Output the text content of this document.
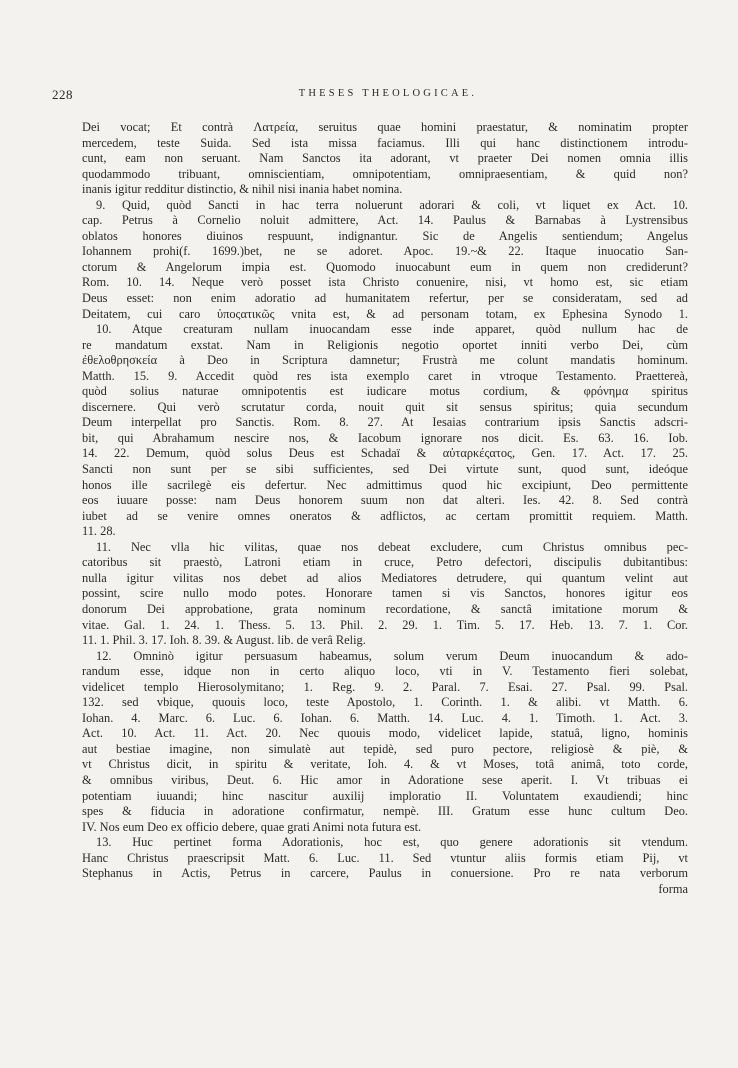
228	THESES THEOLOGICAE.
Dei vocat; Et contrà Λατρεία, seruitus quae homini praestatur, & nominatim propter
mercedem, teste Suida. Sed ista missa faciamus. Illi qui hanc distinctionem introdu-
cunt, eam non seruant. Nam Sanctos ita adorant, vt praeter Dei nomen omnia illis
quodammodo tribuant, omniscientiam, omnipotentiam, omnipraesentiam, & quid non?
inanis igitur redditur distinctio, & nihil nisi inania habet nomina.
9. Quid, quòd Sancti in hac terra noluerunt adorari & coli, vt liquet ex Act. 10.
cap. Petrus à Cornelio noluit admittere, Act. 14. Paulus & Barnabas à Lystrensibus
oblatos honores diuinos respuunt, indignantur. Sic de Angelis sentiendum; Angelus
Iohannem prohi(f. 1699.)bet, ne se adoret. Apoc. 19.~& 22. Itaque inuocatio San-
ctorum & Angelorum impia est. Quomodo inuocabunt eum in quem non crediderunt?
Rom. 10. 14. Neque verò posset ista Christo conuenire, nisi, vt homo est, sic etiam
Deus esset: non enim adoratio ad humanitatem refertur, per se consideratam, sed ad
Deitatem, cui caro ὑποςατικῶς vnita est, & ad personam totam, ex Ephesina Synodo 1.
10. Atque creaturam nullam inuocandam esse inde apparet, quòd nullum hac de
re mandatum exstat. Nam in Religionis negotio oportet inniti verbo Dei, cùm
ἐθελοθρησκεία à Deo in Scriptura damnetur; Frustrà me colunt mandatis hominum.
Matth. 15. 9. Accedit quòd res ista exemplo caret in vtroque Testamento. Praettereà,
quòd solius naturae omnipotentis est iudicare motus cordium, & φρόνημα spiritus
discernere. Qui verò scrutatur corda, nouit quit sit sensus spiritus; quia secundum
Deum interpellat pro Sanctis. Rom. 8. 27. At Iesaias contrarium ipsis Sanctis adscri-
bit, qui Abrahamum nescire nos, & Iacobum ignorare nos dicit. Es. 63. 16. Iob.
14. 22. Demum, quòd solus Deus est Schadaï & αὐταρκέςατος, Gen. 17. Act. 17. 25.
Sancti non sunt per se sibi sufficientes, sed Dei virtute sunt, quod sunt, ideóque
honos ille sacrilegè eis defertur. Nec admittimus quod hic excipiunt, Deo permittente
eos iuuare posse: nam Deus honorem suum non dat alteri. Ies. 42. 8. Sed contrà
iubet ad se venire omnes oneratos & adflictos, ac certam promittit requiem. Matth.
11. 28.
11. Nec vlla hic vilitas, quae nos debeat excludere, cum Christus omnibus pec-
catoribus sit praestò, Latroni etiam in cruce, Petro defectori, discipulis dubitantibus:
nulla igitur vilitas nos debet ad alios Mediatores detrudere, qui quantum velint aut
possint, scire nullo modo potes. Honorare tamen si vis Sanctos, honores igitur eos
donorum Dei approbatione, grata nominum recordatione, & sanctâ imitatione morum &
vitae. Gal. 1. 24. 1. Thess. 5. 13. Phil. 2. 29. 1. Tim. 5. 17. Heb. 13. 7. 1. Cor.
11. 1. Phil. 3. 17. Ioh. 8. 39. & August. lib. de verâ Relig.
12. Omninò igitur persuasum habeamus, solum verum Deum inuocandum & ado-
randum esse, idque non in certo aliquo loco, vti in V. Testamento fieri solebat,
videlicet templo Hierosolymitano; 1. Reg. 9. 2. Paral. 7. Esai. 27. Psal. 99. Psal.
132. sed vbique, quouis loco, teste Apostolo, 1. Corinth. 1. & alibi. vt Matth. 6.
Iohan. 4. Marc. 6. Luc. 6. Iohan. 6. Matth. 14. Luc. 4. 1. Timoth. 1. Act. 3.
Act. 10. Act. 11. Act. 20. Nec quouis modo, videlicet lapide, statuâ, ligno, hominis
aut bestiae imagine, non simulatè aut tepidè, sed puro pectore, religiosè & piè, &
vt Christus dicit, in spiritu & veritate, Ioh. 4. & vt Moses, totâ animâ, toto corde,
& omnibus viribus, Deut. 6. Hic amor in Adoratione sese aperit. I. Vt tribuas ei
potentiam iuuandi; hinc nascitur auxilij imploratio II. Voluntatem exaudiendi; hinc
spes & fiducia in adoratione confirmatur, nempè. III. Gratum esse hunc cultum Deo.
IV. Nos eum Deo ex officio debere, quae grati Animi nota futura est.
13. Huc pertinet forma Adorationis, hoc est, quo genere adorationis sit vtendum.
Hanc Christus praescripsit Matt. 6. Luc. 11. Sed vtuntur aliis formis etiam Pij, vt
Stephanus in Actis, Petrus in carcere, Paulus in conuersione. Pro re nata verborum
forma
